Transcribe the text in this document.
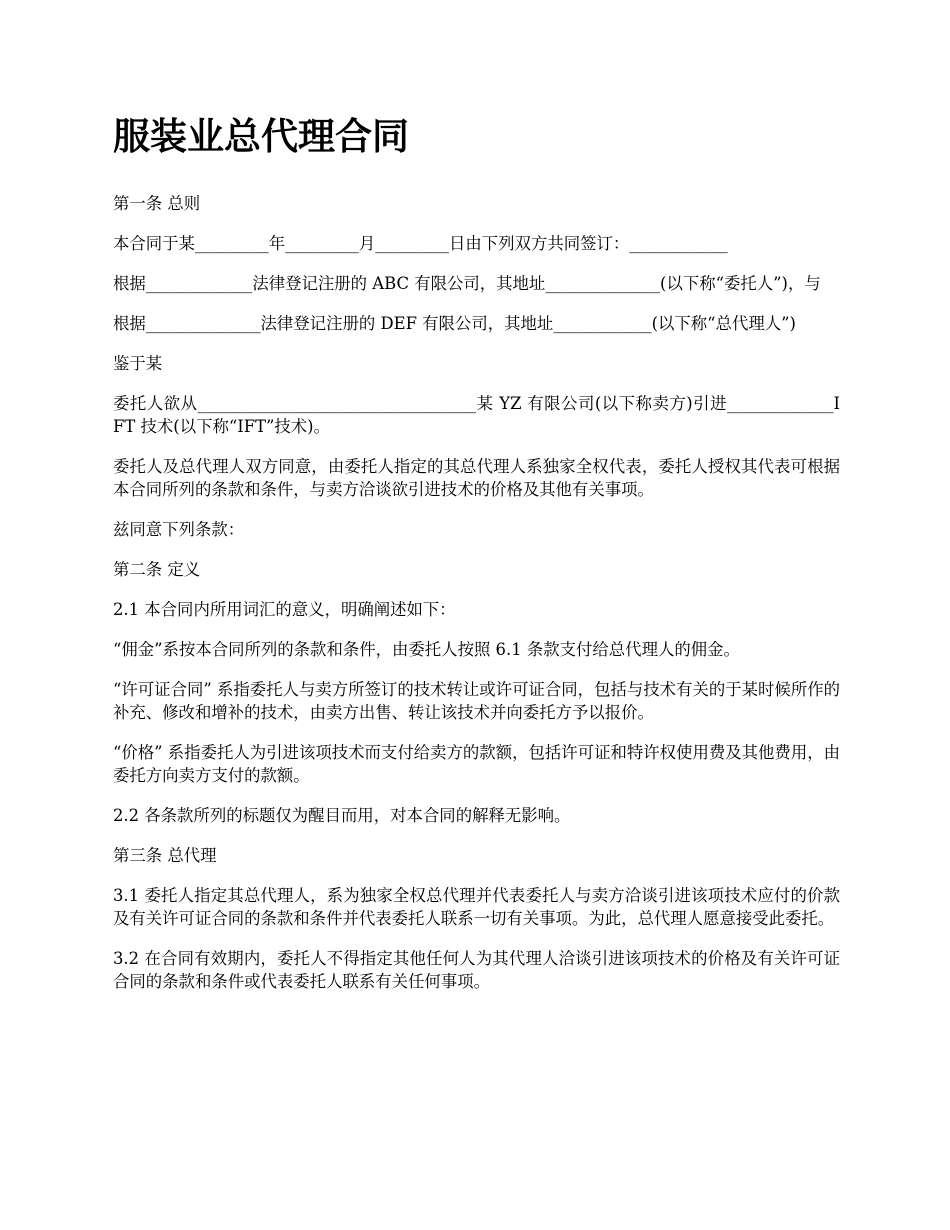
服装业总代理合同

第一条 总则

本合同于某_________年_________月_________日由下列双方共同签订：____________

根据_____________法律登记注册的 ABC 有限公司，其地址______________(以下称“委托人”)，与

根据______________法律登记注册的 DEF 有限公司，其地址____________(以下称“总代理人”)

鉴于某

委托人欲从__________________________________某 YZ 有限公司(以下称卖方)引进_____________IFT 技术(以下称“IFT”技术)。

委托人及总代理人双方同意，由委托人指定的其总代理人系独家全权代表，委托人授权其代表可根据本合同所列的条款和条件，与卖方洽谈欲引进技术的价格及其他有关事项。

兹同意下列条款：

第二条 定义

2.1 本合同内所用词汇的意义，明确阐述如下：

“佣金”系按本合同所列的条款和条件，由委托人按照 6.1 条款支付给总代理人的佣金。

“许可证合同” 系指委托人与卖方所签订的技术转让或许可证合同，包括与技术有关的于某时候所作的补充、修改和增补的技术，由卖方出售、转让该技术并向委托方予以报价。

“价格” 系指委托人为引进该项技术而支付给卖方的款额，包括许可证和特许权使用费及其他费用，由委托方向卖方支付的款额。

2.2 各条款所列的标题仅为醒目而用，对本合同的解释无影响。

第三条 总代理

3.1 委托人指定其总代理人，系为独家全权总代理并代表委托人与卖方洽谈引进该项技术应付的价款及有关许可证合同的条款和条件并代表委托人联系一切有关事项。为此，总代理人愿意接受此委托。

3.2 在合同有效期内，委托人不得指定其他任何人为其代理人洽谈引进该项技术的价格及有关许可证合同的条款和条件或代表委托人联系有关任何事项。
